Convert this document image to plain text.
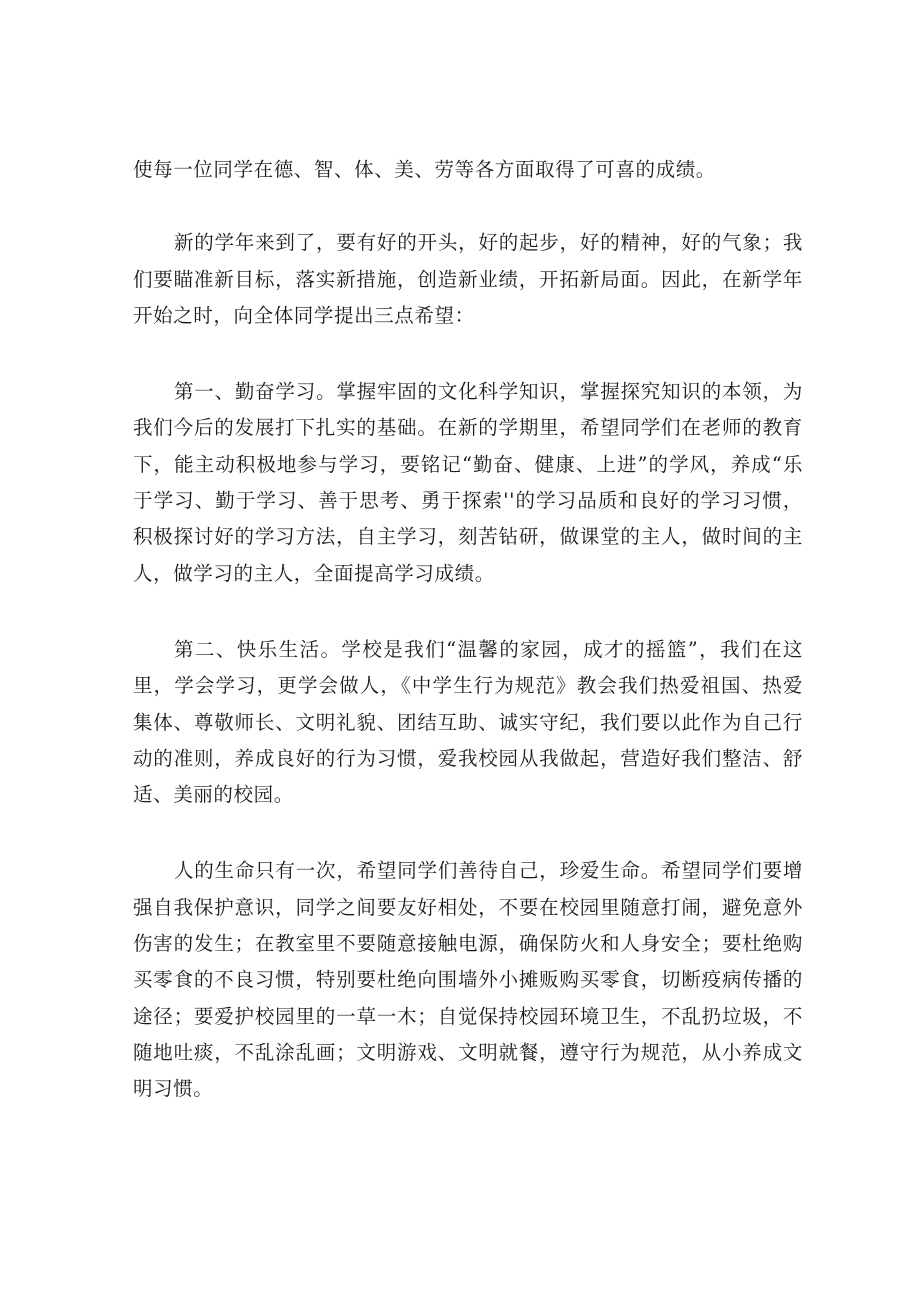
使每一位同学在德、智、体、美、劳等各方面取得了可喜的成绩。

新的学年来到了，要有好的开头，好的起步，好的精神，好的气象；我们要瞄准新目标，落实新措施，创造新业绩，开拓新局面。因此，在新学年开始之时，向全体同学提出三点希望：

第一、勤奋学习。掌握牢固的文化科学知识，掌握探究知识的本领，为我们今后的发展打下扎实的基础。在新的学期里，希望同学们在老师的教育下，能主动积极地参与学习，要铭记“勤奋、健康、上进”的学风，养成“乐于学习、勤于学习、善于思考、勇于探索''的学习品质和良好的学习习惯，积极探讨好的学习方法，自主学习，刻苦钻研，做课堂的主人，做时间的主人，做学习的主人，全面提高学习成绩。

第二、快乐生活。学校是我们“温馨的家园，成才的摇篮”，我们在这里，学会学习，更学会做人，《中学生行为规范》教会我们热爱祖国、热爱集体、尊敬师长、文明礼貌、团结互助、诚实守纪，我们要以此作为自己行动的准则，养成良好的行为习惯，爱我校园从我做起，营造好我们整洁、舒适、美丽的校园。

人的生命只有一次，希望同学们善待自己，珍爱生命。希望同学们要增强自我保护意识，同学之间要友好相处，不要在校园里随意打闹，避免意外伤害的发生；在教室里不要随意接触电源，确保防火和人身安全；要杜绝购买零食的不良习惯，特别要杜绝向围墙外小摊贩购买零食，切断疫病传播的途径；要爱护校园里的一草一木；自觉保持校园环境卫生，不乱扔垃圾，不随地吐痰，不乱涂乱画；文明游戏、文明就餐，遵守行为规范，从小养成文明习惯。
